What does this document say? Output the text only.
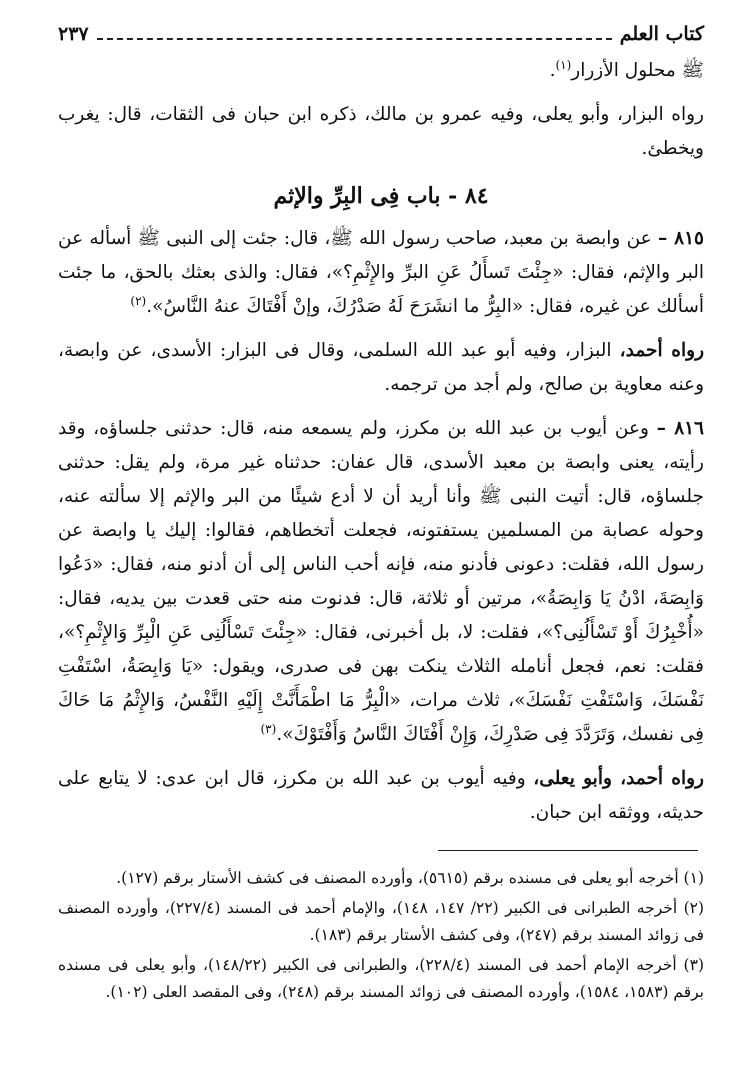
كتاب العلم
٢٣٧

ﷺ محلول الأزرار$^{(١)}$.

رواه البزار، وأبو يعلى، وفيه عمرو بن مالك، ذكره ابن حبان فى الثقات، قال: يغرب ويخطئ.

٨٤ - باب فِى البِرِّ والإثم

٨١٥ – عن وابصة بن معبد، صاحب رسول الله ﷺ، قال: جئت إلى النبى ﷺ أسأله عن البر والإثم، فقال: «جِئْتَ تَسأَلُ عَنِ البرِّ والإِثْمِ؟»، فقال: والذى بعثك بالحق، ما جئت أسألك عن غيره، فقال: «البِرُّ ما انشَرَحَ لَهُ صَدْرُكَ، وإنْ أَفْتَاكَ عنهُ النَّاسُ».$^{(٢)}$

رواه أحمد، البزار، وفيه أبو عبد الله السلمى، وقال فى البزار: الأسدى، عن وابصة، وعنه معاوية بن صالح، ولم أجد من ترجمه.

٨١٦ – وعن أيوب بن عبد الله بن مكرز، ولم يسمعه منه، قال: حدثنى جلساؤه، وقد رأيته، يعنى وابصة بن معبد الأسدى، قال عفان: حدثناه غير مرة، ولم يقل: حدثنى جلساؤه، قال: أتيت النبى ﷺ وأنا أريد أن لا أدع شيئًا من البر والإثم إلا سألته عنه، وحوله عصابة من المسلمين يستفتونه، فجعلت أتخطاهم، فقالوا: إليك يا وابصة عن رسول الله، فقلت: دعونى فأدنو منه، فإنه أحب الناس إلى أن أدنو منه، فقال: «دَعُوا وَابِصَةَ، ادْنُ يَا وَابِصَةُ»، مرتين أو ثلاثة، قال: فدنوت منه حتى قعدت بين يديه، فقال: «أُخْبِرُكَ أَوْ تَسْأَلُنِى؟»، فقلت: لا، بل أخبرنى، فقال: «جِئْتَ تَسْأَلُنِى عَنِ الْبِرِّ وَالإِثْمِ؟»، فقلت: نعم، فجعل أنامله الثلاث ينكت بهن فى صدرى، ويقول: «يَا وَابِصَةُ، اسْتَفْتِ نَفْسَكَ، وَاسْتَفْتِ نَفْسَكَ»، ثلاث مرات، «الْبِرُّ مَا اطْمَأَنَّتْ إِلَيْهِ النَّفْسُ، وَالإِثْمُ مَا حَاكَ فِى نفسك، وَتَرَدَّدَ فِى صَدْرِكَ، وَإِنْ أَفْتَاكَ النَّاسُ وَأَفْتَوْكَ».$^{(٣)}$

رواه أحمد، وأبو يعلى، وفيه أيوب بن عبد الله بن مكرز، قال ابن عدى: لا يتابع على حديثه، ووثقه ابن حبان.

(١) أخرجه أبو يعلى فى مسنده برقم (٥٦١٥)، وأورده المصنف فى كشف الأستار برقم (١٢٧).

(٢) أخرجه الطبرانى فى الكبير (٢٢/ ١٤٧، ١٤٨)، والإمام أحمد فى المسند (٢٢٧/٤)، وأورده المصنف فى زوائد المسند برقم (٢٤٧)، وفى كشف الأستار برقم (١٨٣).

(٣) أخرجه الإمام أحمد فى المسند (٢٢٨/٤)، والطبرانى فى الكبير (١٤٨/٢٢)، وأبو يعلى فى مسنده برقم (١٥٨٣، ١٥٨٤)، وأورده المصنف فى زوائد المسند برقم (٢٤٨)، وفى المقصد العلى (١٠٢).
